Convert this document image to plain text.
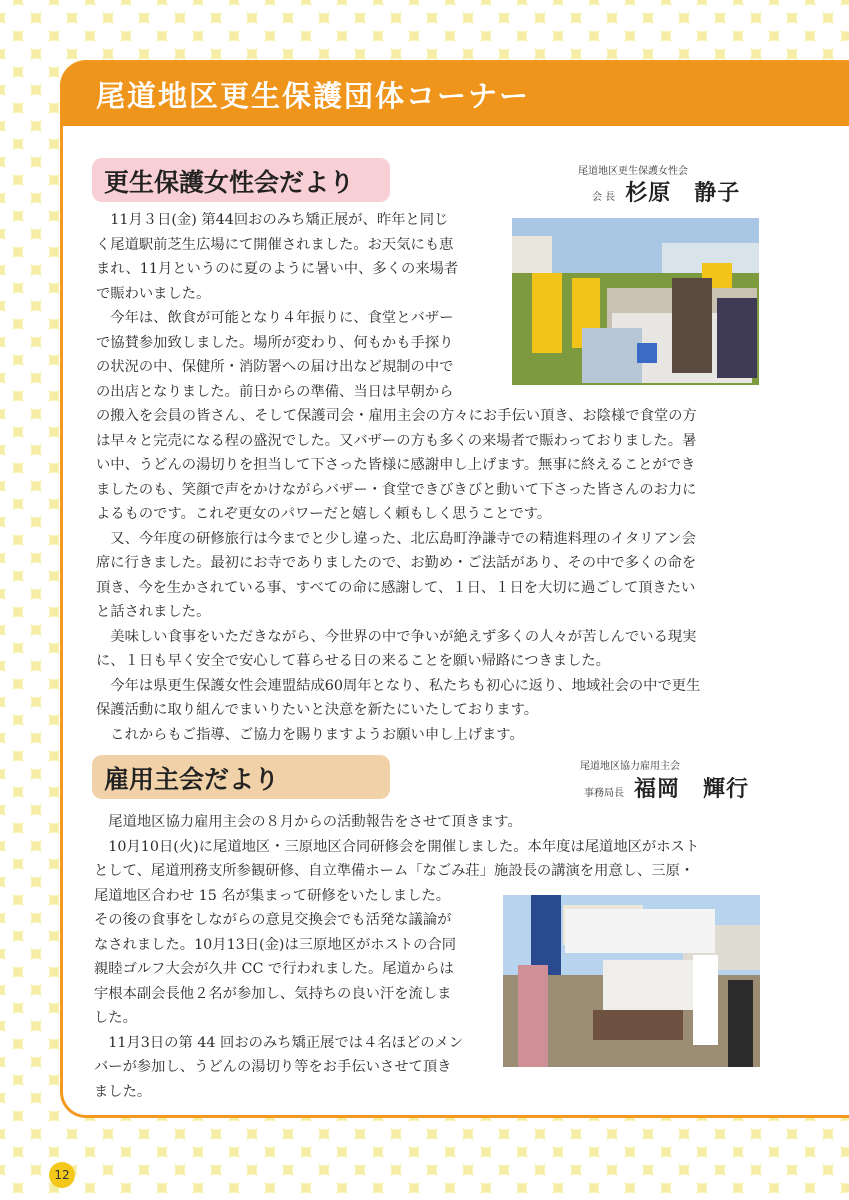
尾道地区更生保護団体コーナー
更生保護女性会だより	尾道地区更生保護女性会
会 長 杉原　静子

　11月３日(金) 第44回おのみち矯正展が、昨年と同じ

く尾道駅前芝生広場にて開催されました。お天気にも恵

まれ、11月というのに夏のように暑い中、多くの来場者

で賑わいました。

　今年は、飲食が可能となり４年振りに、食堂とバザー

で協賛参加致しました。場所が変わり、何もかも手探り

の状況の中、保健所・消防署への届け出など規制の中で

の出店となりました。前日からの準備、当日は早朝から

の搬入を会員の皆さん、そして保護司会・雇用主会の方々にお手伝い頂き、お陰様で食堂の方

は早々と完売になる程の盛況でした。又バザーの方も多くの来場者で賑わっておりました。暑

い中、うどんの湯切りを担当して下さった皆様に感謝申し上げます。無事に終えることができ

ましたのも、笑顔で声をかけながらバザー・食堂できびきびと動いて下さった皆さんのお力に

よるものです。これぞ更女のパワーだと嬉しく頼もしく思うことです。

　又、今年度の研修旅行は今までと少し違った、北広島町浄謙寺での精進料理のイタリアン会

席に行きました。最初にお寺でありましたので、お勤め・ご法話があり、その中で多くの命を

頂き、今を生かされている事、すべての命に感謝して、１日、１日を大切に過ごして頂きたい

と話されました。

　美味しい食事をいただきながら、今世界の中で争いが絶えず多くの人々が苦しんでいる現実

に、１日も早く安全で安心して暮らせる日の来ることを願い帰路につきました。

　今年は県更生保護女性会連盟結成60周年となり、私たちも初心に返り、地域社会の中で更生

保護活動に取り組んでまいりたいと決意を新たにいたしております。

　これからもご指導、ご協力を賜りますようお願い申し上げます。

雇用主会だより	尾道地区協力雇用主会
事務局長 福岡　輝行

　尾道地区協力雇用主会の８月からの活動報告をさせて頂きます。

　10月10日(火)に尾道地区・三原地区合同研修会を開催しました。本年度は尾道地区がホスト

として、尾道刑務支所参観研修、自立準備ホーム「なごみ荘」施設長の講演を用意し、三原・

尾道地区合わせ 15 名が集まって研修をいたしました。

その後の食事をしながらの意見交換会でも活発な議論が

なされました。10月13日(金)は三原地区がホストの合同

親睦ゴルフ大会が久井 CC で行われました。尾道からは

宇根本副会長他２名が参加し、気持ちの良い汗を流しま

した。

　11月3日の第 44 回おのみち矯正展では４名ほどのメン

バーが参加し、うどんの湯切り等をお手伝いさせて頂き

ました。

12
